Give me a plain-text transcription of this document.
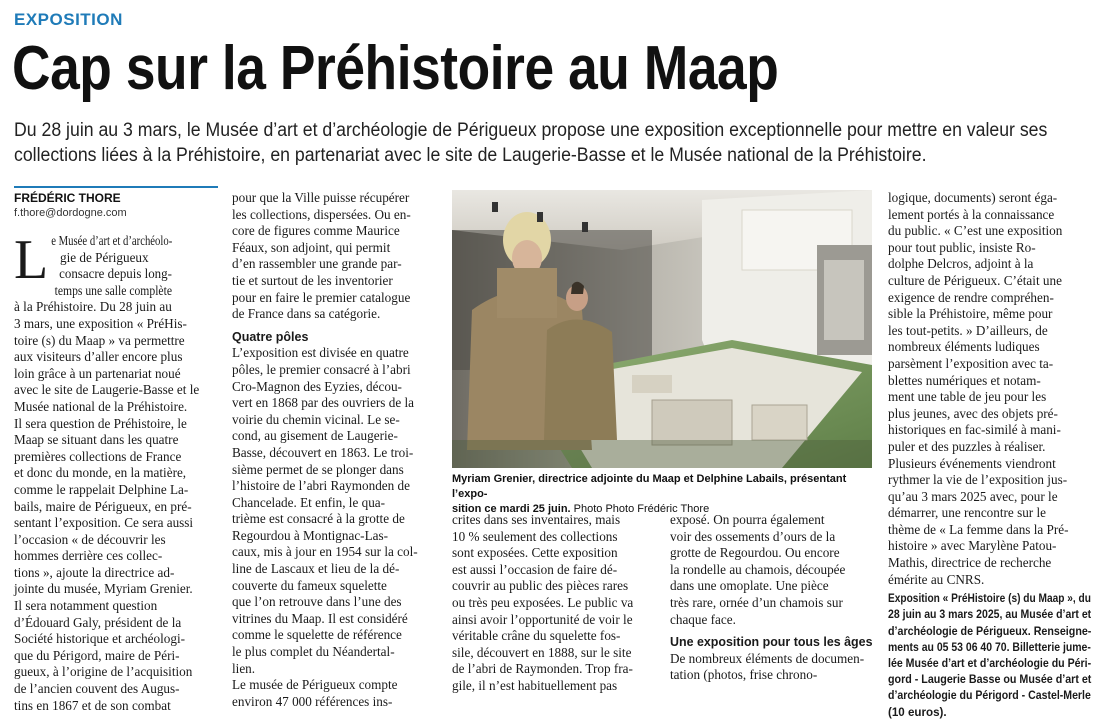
EXPOSITION
Cap sur la Préhistoire au Maap
Du 28 juin au 3 mars, le Musée d’art et d’archéologie de Périgueux propose une exposition exceptionnelle pour mettre en valeur ses
collections liées à la Préhistoire, en partenariat avec le site de Laugerie-Basse et le Musée national de la Préhistoire.
FRÉDÉRIC THORE
f.thore@dordogne.com
L e Musée d’art et d’archéolo-
gie de Périgueux
consacre depuis long-
temps une salle complète
à la Préhistoire. Du 28 juin au
3 mars, une exposition « PréHis-
toire (s) du Maap » va permettre
aux visiteurs d’aller encore plus
loin grâce à un partenariat noué
avec le site de Laugerie-Basse et le
Musée national de la Préhistoire.
Il sera question de Préhistoire, le
Maap se situant dans les quatre
premières collections de France
et donc du monde, en la matière,
comme le rappelait Delphine La-
bails, maire de Périgueux, en pré-
sentant l’exposition. Ce sera aussi
l’occasion « de découvrir les
hommes derrière ces collec-
tions », ajoute la directrice ad-
jointe du musée, Myriam Grenier.
Il sera notamment question
d’Édouard Galy, président de la
Société historique et archéologi-
que du Périgord, maire de Péri-
gueux, à l’origine de l’acquisition
de l’ancien couvent des Augus-
tins en 1867 et de son combat
pour que la Ville puisse récupérer
les collections, dispersées. Ou en-
core de figures comme Maurice
Féaux, son adjoint, qui permit
d’en rassembler une grande par-
tie et surtout de les inventorier
pour en faire le premier catalogue
de France dans sa catégorie.
Quatre pôles
L’exposition est divisée en quatre
pôles, le premier consacré à l’abri
Cro-Magnon des Eyzies, décou-
vert en 1868 par des ouvriers de la
voirie du chemin vicinal. Le se-
cond, au gisement de Laugerie-
Basse, découvert en 1863. Le troi-
sième permet de se plonger dans
l’histoire de l’abri Raymonden de
Chancelade. Et enfin, le qua-
trième est consacré à la grotte de
Regourdou à Montignac-Las-
caux, mis à jour en 1954 sur la col-
line de Lascaux et lieu de la dé-
couverte du fameux squelette
que l’on retrouve dans l’une des
vitrines du Maap. Il est considéré
comme le squelette de référence
le plus complet du Néandertal-
lien.
Le musée de Périgueux compte
environ 47 000 références ins-
Myriam Grenier, directrice adjointe du Maap et Delphine Labails, présentant l’expo-
sition ce mardi 25 juin. Photo Photo Frédéric Thore
crites dans ses inventaires, mais
10 % seulement des collections
sont exposées. Cette exposition
est aussi l’occasion de faire dé-
couvrir au public des pièces rares
ou très peu exposées. Le public va
ainsi avoir l’opportunité de voir le
véritable crâne du squelette fos-
sile, découvert en 1888, sur le site
de l’abri de Raymonden. Trop fra-
gile, il n’est habituellement pas
exposé. On pourra également
voir des ossements d’ours de la
grotte de Regourdou. Ou encore
la rondelle au chamois, découpée
dans une omoplate. Une pièce
très rare, ornée d’un chamois sur
chaque face.
Une exposition pour tous les âges
De nombreux éléments de documen-
tation (photos, frise chrono-
logique, documents) seront éga-
lement portés à la connaissance
du public. « C’est une exposition
pour tout public, insiste Ro-
dolphe Delcros, adjoint à la
culture de Périgueux. C’était une
exigence de rendre compréhen-
sible la Préhistoire, même pour
les tout-petits. » D’ailleurs, de
nombreux éléments ludiques
parsèment l’exposition avec ta-
blettes numériques et notam-
ment une table de jeu pour les
plus jeunes, avec des objets pré-
historiques en fac-similé à mani-
puler et des puzzles à réaliser.
Plusieurs événements viendront
rythmer la vie de l’exposition jus-
qu’au 3 mars 2025 avec, pour le
démarrer, une rencontre sur le
thème de « La femme dans la Pré-
histoire » avec Marylène Patou-
Mathis, directrice de recherche
émérite au CNRS.
Exposition « PréHistoire (s) du Maap », du
28 juin au 3 mars 2025, au Musée d’art et
d’archéologie de Périgueux. Renseigne-
ments au 05 53 06 40 70. Billetterie jume-
lée Musée d’art et d’archéologie du Péri-
gord - Laugerie Basse ou Musée d’art et
d’archéologie du Périgord - Castel-Merle
(10 euros).
